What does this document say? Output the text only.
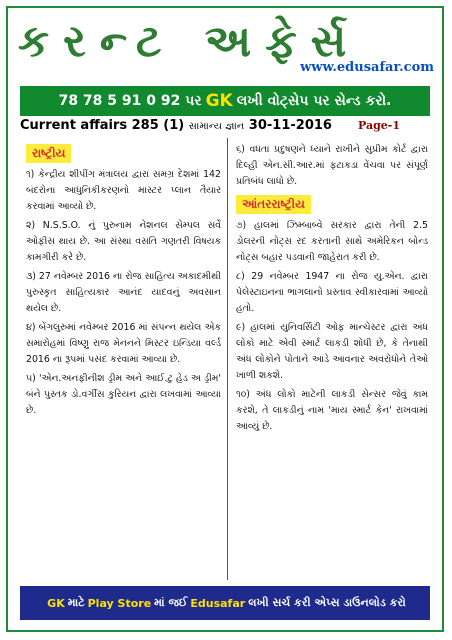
કરન્ટ અફેર્સ
www.edusafar.com
78 78 5 91 0 92 પર GK લખી વોટ્સેપ પર સેન્ડ કરો.
Current affairs 285 (1) સામાન્ય જ્ઞાન 30-11-2016 Page-1
રાષ્ટ્રીય

૧) કેન્દ્રીય શીપીંગ મંત્રાલય દ્વારા સમગ્ર દેશમાં 142 બંદરોના આધુનિકીકરણનો માસ્ટર પ્લાન તૈયાર કરવામાં આવ્યો છે.

૨) N.S.S.O. નું પુરુનામ નેશનલ સેમ્પલ સર્વે ઓફીસ થાય છે. આ સંસ્થા વસતિ ગણતરી વિષયક કામગીરી કરે છે.

૩) 27 નવેમ્બર 2016 ના રોજ સાહિત્ય અકાદમીથી પુરુસ્કૃત સાહિત્યકાર આનંદ યાદવનું અવસાન થયેલ છે.

૪) બેંગલુરુમાં નવેમ્બર 2016 માં સંપન્ન થયેલ એક સમારોહમાં વિષ્ણુ રાજ મેનનને મિસ્ટર ઇન્ડિયા વર્લ્ડ 2016 ના રૂપમાં પસંદ કરવામાં આવ્યા છે.

૫) 'એન.અનફીનીશ ડ્રીમ અને આઈ.ટુ હેડ અ ડ્રીમ' બંને પુસ્તક ડો.વર્ગીસ કુરિયન દ્વારા લખવામાં આવ્યા છે.

૬) વધતા પ્રદુષણને ધ્યાને રાખીને સુપ્રીમ કોર્ટ દ્વારા દિલ્હી એન.સી.આર.માં ફટાકડા વેંચવા પર સંપૂર્ણ પ્રતિબંધ લાધો છે.

આંતરરાષ્ટ્રીય

૭) હાલમાં ઝિમ્બાબ્વે સરકાર દ્વારા તેની 2.5 ડોલરની નોટ્સ રદ કરતાની સાથે અમેરિકન બોન્ડ નોટ્સ બહાર પડવાની જાહેરાત કરી છે.

૮) 29 નવેમ્બર 1947 ના રોજ યુ.એન. દ્વારા પેલેસ્ટાઇનના ભાગલાનો પ્રસ્તાવ સ્વીકારવામાં આવ્યો હતો.

૯) હાલમાં યુનિવર્સિટી ઓફ માન્ચેસ્ટર દ્વારા અંધ લોકો માટે એવી સ્માર્ટ લાકડી શોધી છે, કે તેનાથી અંધ લોકોને પોતાને આડે આવનાર અવરોધોને તેઓ ખાળી શકશે.

૧૦) અંધ લોકો માટેની લાકડી સેન્સર જેવું કામ કરશે, તે લાકડીનું નામ 'માય સ્માર્ટ કેન' રાખવામાં આવ્યું છે.

GK માટે Play Store માં જઈ Edusafar લખી સર્ચ કરી એપ્સ ડાઉનલોડ કરો
